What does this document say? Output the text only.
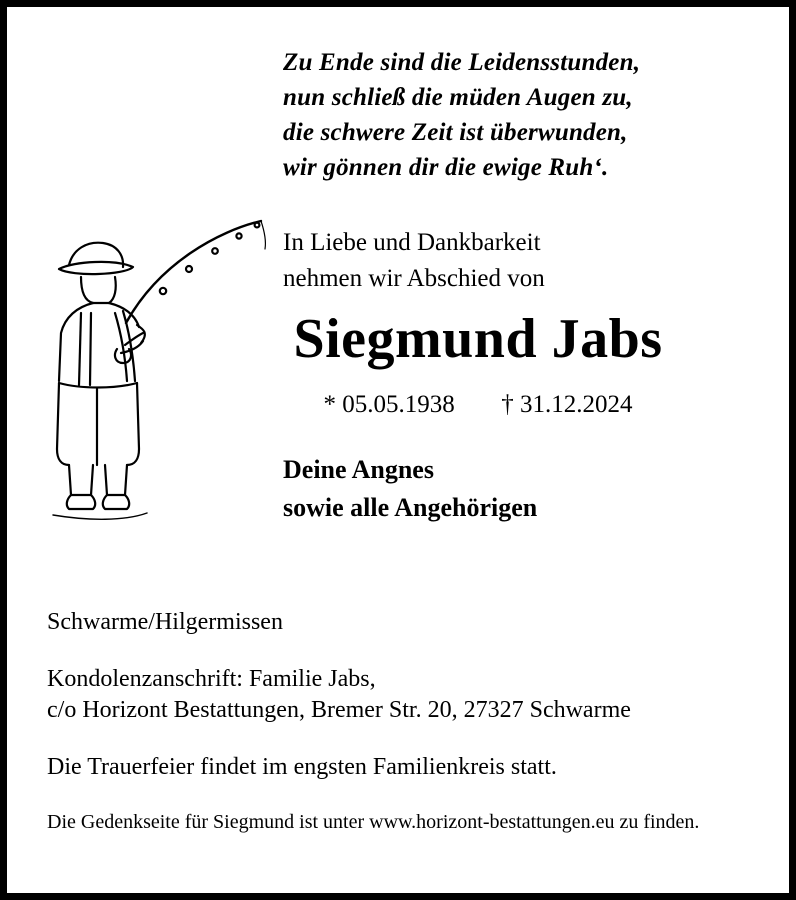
Zu Ende sind die Leidensstunden,
nun schließ die müden Augen zu,
die schwere Zeit ist überwunden,
wir gönnen dir die ewige Ruh‘.
In Liebe und Dankbarkeit
nehmen wir Abschied von
Siegmund Jabs
* 05.05.1938 † 31.12.2024
Deine Angnes
sowie alle Angehörigen
Schwarme/Hilgermissen
Kondolenzanschrift: Familie Jabs,
c/o Horizont Bestattungen, Bremer Str. 20, 27327 Schwarme
Die Trauerfeier findet im engsten Familienkreis statt.
Die Gedenkseite für Siegmund ist unter www.horizont-bestattungen.eu zu finden.
